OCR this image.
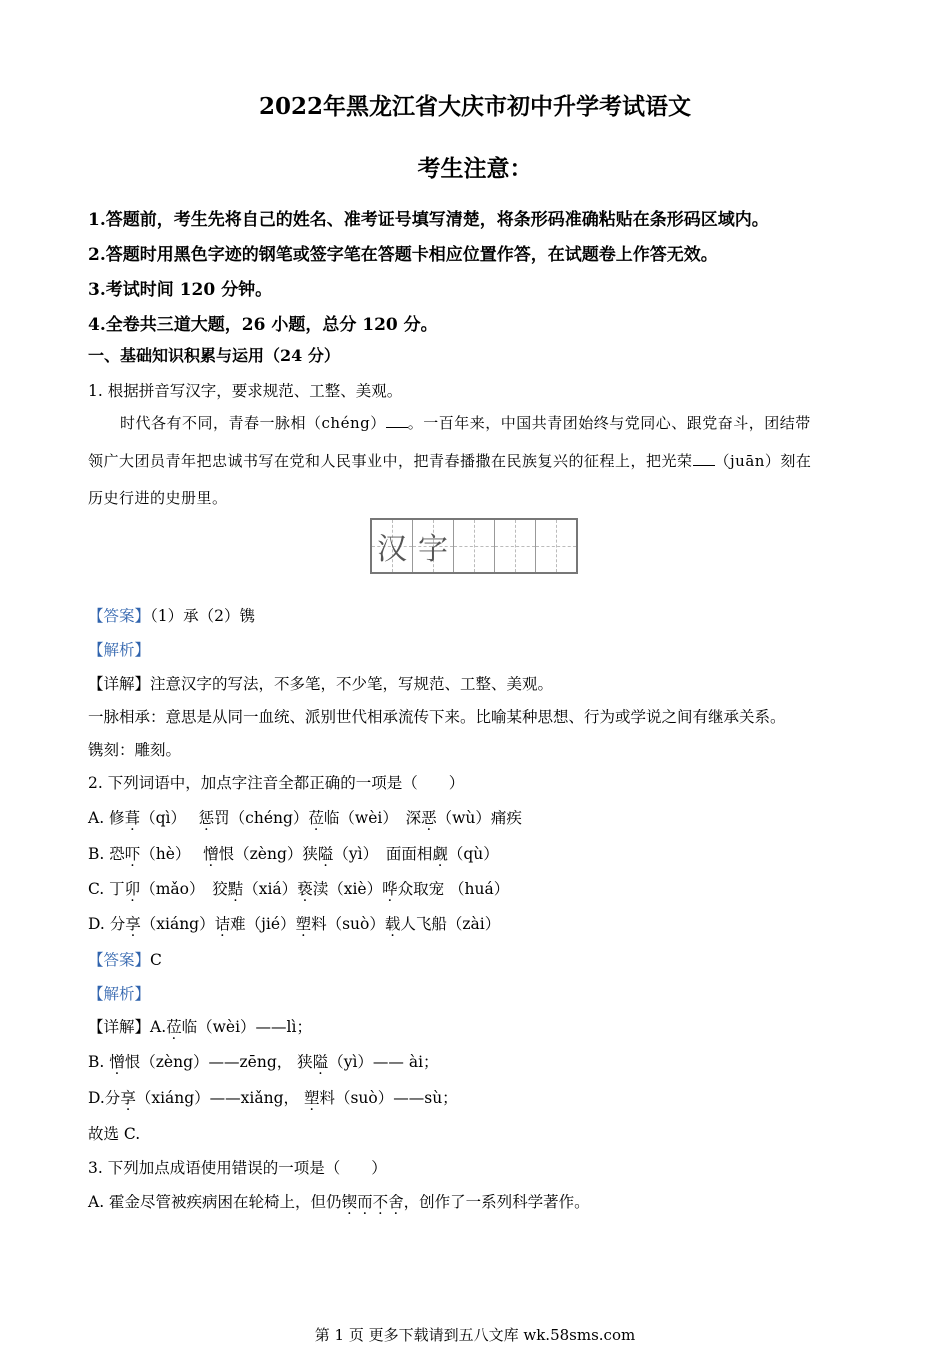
2022年黑龙江省大庆市初中升学考试语文
考生注意：
1.答题前，考生先将自己的姓名、准考证号填写清楚，将条形码准确粘贴在条形码区域内。
2.答题时用黑色字迹的钢笔或签字笔在答题卡相应位置作答，在试题卷上作答无效。
3.考试时间 120 分钟。
4.全卷共三道大题，26 小题，总分 120 分。
一、基础知识积累与运用（24 分）
1. 根据拼音写汉字，要求规范、工整、美观。
时代各有不同，青春一脉相（chéng） 。一百年来，中国共青团始终与党同心、跟党奋斗，团结带
领广大团员青年把忠诚书写在党和人民事业中，把青春播撒在民族复兴的征程上，把光荣 （juān）刻在
历史行进的史册里。
汉 字
【答案】（1）承（2）镌
【解析】
【详解】注意汉字的写法，不多笔，不少笔，写规范、工整、美观。
一脉相承：意思是从同一血统、派别世代相承流传下来。比喻某种思想、行为或学说之间有继承关系。
镌刻：雕刻。
2. 下列词语中，加点字注音全都正确的一项是（　　）
A. 修葺（qì）　 惩罚（chéng）莅临（wèi）　深恶（wù）痛疾
B. 恐吓（hè）　 憎恨（zèng）狭隘（yì）　面面相觑（qù）
C. 丁卯（mǎo）　狡黠（xiá）亵渎（xiè）哗众取宠 （huá）
D. 分享（xiáng）诘难（jié）塑料（suò）载人飞船（zài）
【答案】C
【解析】
【详解】A.莅临（wèi）——lì；
B. 憎恨（zèng）——zēng， 狭隘（yì）—— ài；
D.分享（xiáng）——xiǎng， 塑料（suò）——sù；
故选 C.
3. 下列加点成语使用错误的一项是（　　）
A. 霍金尽管被疾病困在轮椅上，但仍锲而不舍，创作了一系列科学著作。
第 1 页 更多下载请到五八文库 wk.58sms.com
